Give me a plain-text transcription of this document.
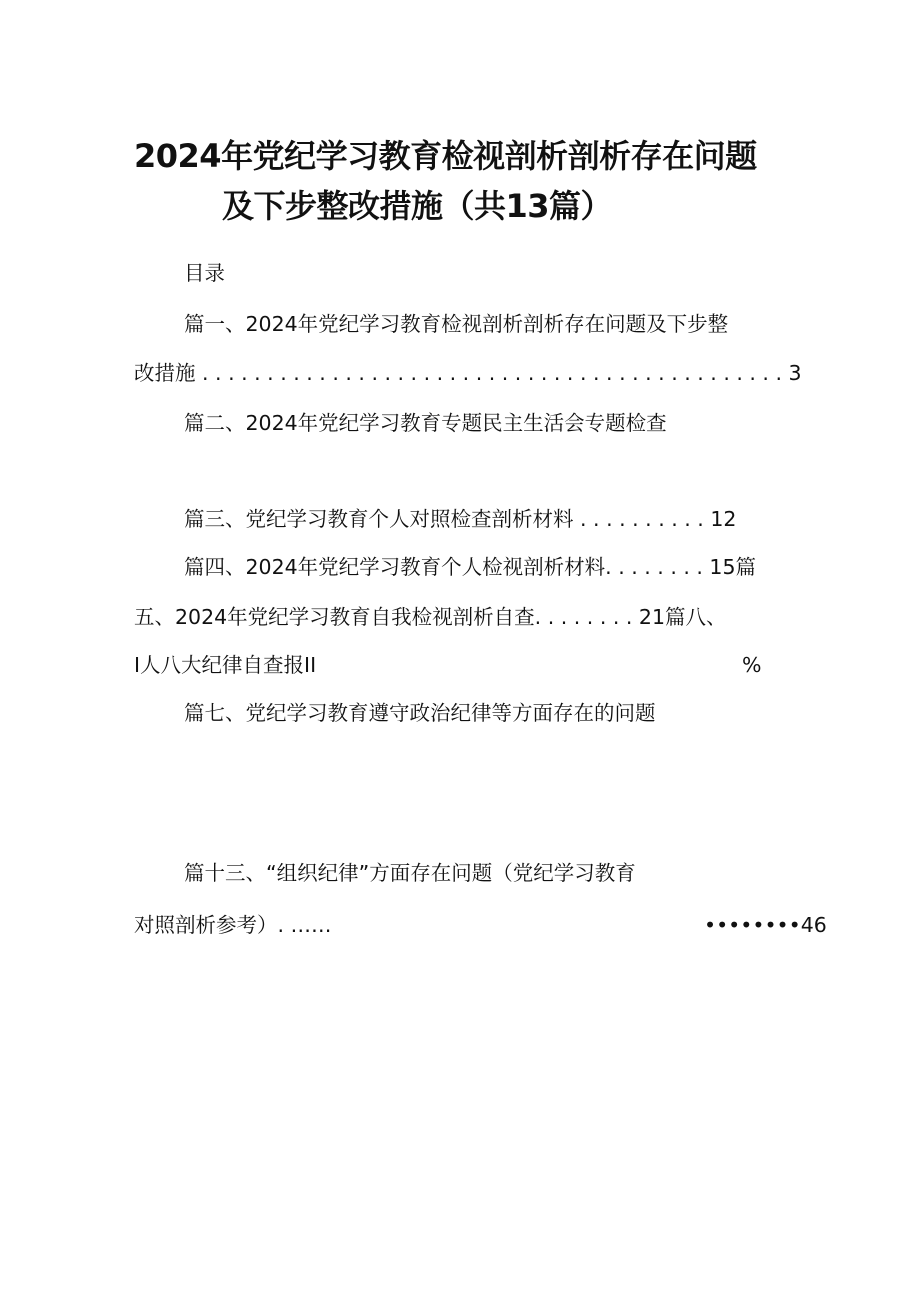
2024年党纪学习教育检视剖析剖析存在问题
及下步整改措施（共13篇）
目录
篇一、2024年党纪学习教育检视剖析剖析存在问题及下步整
改措施 . . . . . . . . . . . . . . . . . . . . . . . . . . . . . . . . . . . . . . . . . . . . . 3
篇二、2024年党纪学习教育专题民主生活会专题检查
篇三、党纪学习教育个人对照检查剖析材料 . . . . . . . . . . 12
篇四、2024年党纪学习教育个人检视剖析材料. . . . . . . . 15篇
五、2024年党纪学习教育自我检视剖析自查. . . . . . . . 21篇八、
I人八大纪律自查报II	%
篇七、党纪学习教育遵守政治纪律等方面存在的问题
篇十三、“组织纪律”方面存在问题（党纪学习教育
对照剖析参考）. ……	••••••••46
